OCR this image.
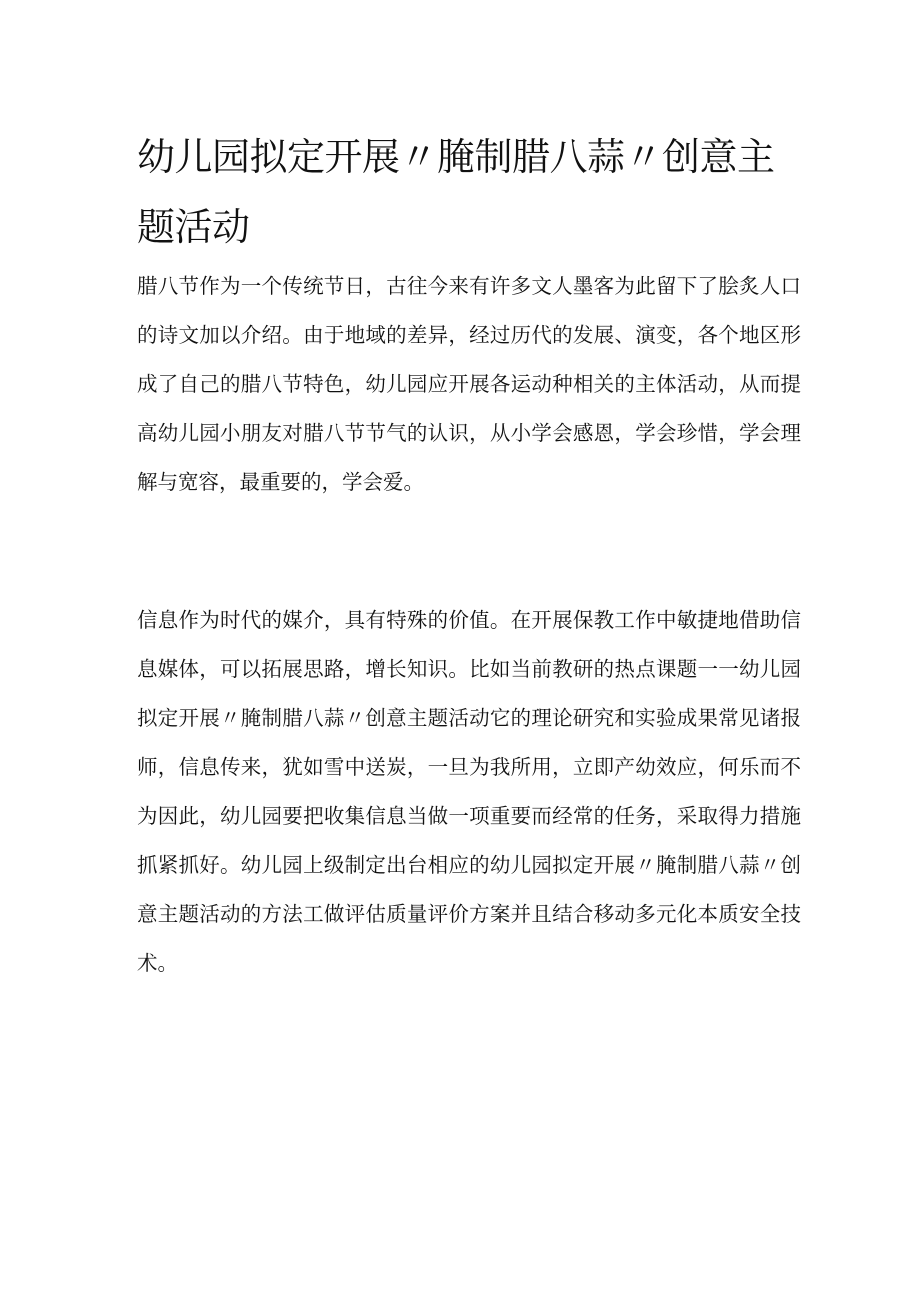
幼儿园拟定开展〃腌制腊八蒜〃创意主题活动

腊八节作为一个传统节日，古往今来有许多文人墨客为此留下了脍炙人口的诗文加以介绍。由于地域的差异，经过历代的发展、演变，各个地区形成了自己的腊八节特色，幼儿园应开展各运动种相关的主体活动，从而提高幼儿园小朋友对腊八节节气的认识，从小学会感恩，学会珍惜，学会理解与宽容，最重要的，学会爱。

信息作为时代的媒介，具有特殊的价值。在开展保教工作中敏捷地借助信息媒体，可以拓展思路，增长知识。比如当前教研的热点课题一一幼儿园拟定开展〃腌制腊八蒜〃创意主题活动它的理论研究和实验成果常见诸报师，信息传来，犹如雪中送炭，一旦为我所用，立即产幼效应，何乐而不为因此，幼儿园要把收集信息当做一项重要而经常的任务，采取得力措施抓紧抓好。幼儿园上级制定出台相应的幼儿园拟定开展〃腌制腊八蒜〃创意主题活动的方法工做评估质量评价方案并且结合移动多元化本质安全技术。
